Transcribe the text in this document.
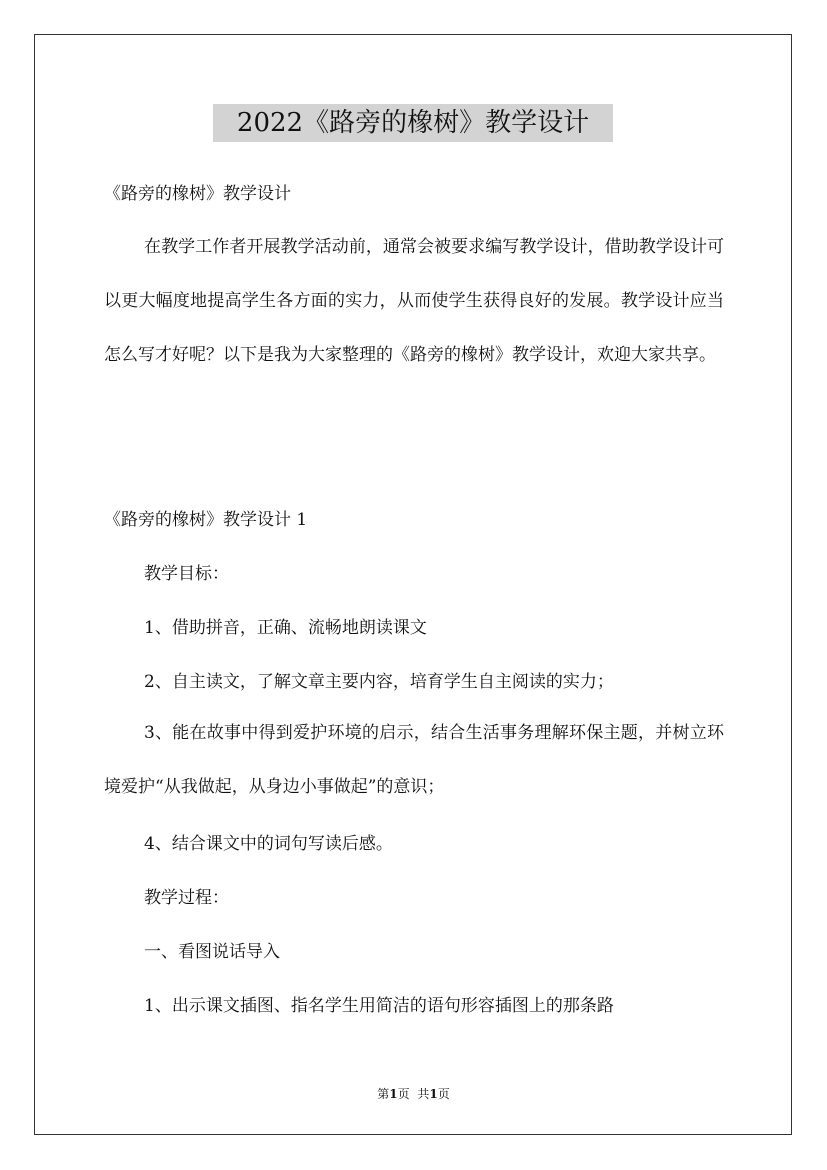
2022《路旁的橡树》教学设计
《路旁的橡树》教学设计
在教学工作者开展教学活动前，通常会被要求编写教学设计，借助教学设计可以更大幅度地提高学生各方面的实力，从而使学生获得良好的发展。教学设计应当怎么写才好呢？以下是我为大家整理的《路旁的橡树》教学设计，欢迎大家共享。
《路旁的橡树》教学设计 1
教学目标：
1、借助拼音，正确、流畅地朗读课文
2、自主读文，了解文章主要内容，培育学生自主阅读的实力；
3、能在故事中得到爱护环境的启示，结合生活事务理解环保主题，并树立环境爱护“从我做起，从身边小事做起”的意识；
4、结合课文中的词句写读后感。
教学过程：
一、看图说话导入
1、出示课文插图、指名学生用简洁的语句形容插图上的那条路
第1页 共1页
